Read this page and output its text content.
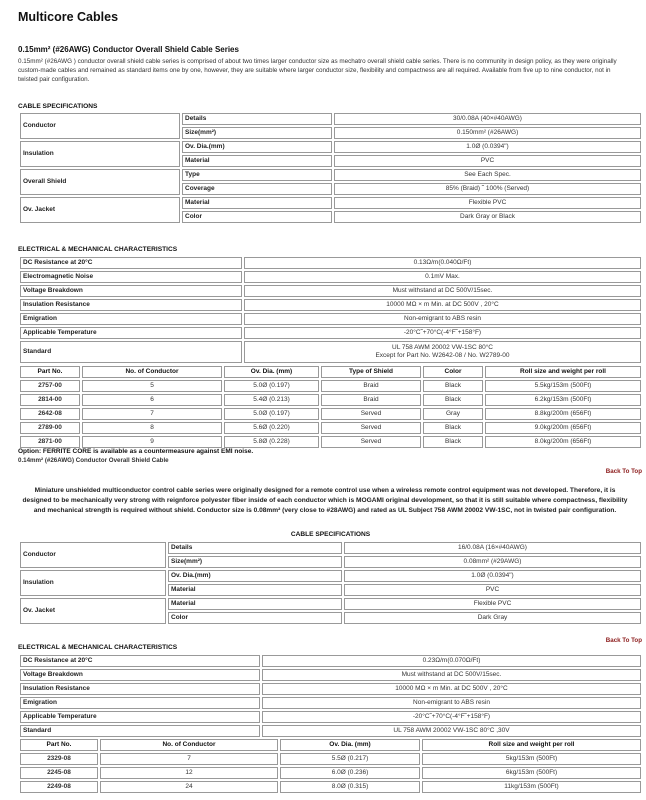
Multicore Cables
0.15mm² (#26AWG) Conductor Overall Shield Cable Series
0.15mm² (#26AWG ) conductor overall shield cable series is comprised of about two times larger conductor size as mechatro overall shield cable series. There is no community in design policy, as they were originally custom-made cables and remained as standard items one by one, however, they are suitable where larger conductor size, flexibility and compactness are all required. Available from five up to nine conductor, not in twisted pair configuration.
CABLE SPECIFICATIONS
Conductor	Details	30/0.08A (40×#40AWG)
	Size(mm²)	0.150mm² (#26AWG)
Insulation	Ov. Dia.(mm)	1.0Ø (0.0394")
	Material	PVC
Overall Shield	Type	See Each Spec.
	Coverage	85% (Braid) ˜ 100% (Served)
Ov. Jacket	Material	Flexible PVC
	Color	Dark Gray or Black
ELECTRICAL & MECHANICAL CHARACTERISTICS
DC Resistance at 20°C	0.13Ω/m(0.040Ω/Ft)
Electromagnetic Noise	0.1mV Max.
Voltage Breakdown	Must withstand at DC 500V/15sec.
Insulation Resistance	10000 MΩ × m Min. at DC 500V , 20°C
Emigration	Non-emigrant to ABS resin
Applicable Temperature	-20°C˜+70°C(-4°F˜+158°F)
Standard	UL 758 AWM 20002 VW-1SC 80°C
Except for Part No. W2642-08 / No. W2789-00
Part No.	No. of Conductor	Ov. Dia. (mm)	Type of Shield	Color	Roll size and weight per roll
2757-00	5	5.0Ø (0.197)	Braid	Black	5.5kg/153m (500Ft)
2814-00	6	5.4Ø (0.213)	Braid	Black	6.2kg/153m (500Ft)
2642-08	7	5.0Ø (0.197)	Served	Gray	8.8kg/200m (656Ft)
2789-00	8	5.6Ø (0.220)	Served	Black	9.0kg/200m (656Ft)
2871-00	9	5.8Ø (0.228)	Served	Black	8.0kg/200m (656Ft)
Option: FERRITE CORE is available as a countermeasure against EMI noise.
0.14mm² (#26AWG) Conductor Overall Shield Cable
Back To Top
Miniature unshielded multiconductor control cable series were originally designed for a remote control use when a wireless remote control equipment was not developed. Therefore, it is designed to be mechanically very strong with reignforce polyester fiber inside of each conductor which is MOGAMI original development, so that it is still suitable where compactness, flexibility and mechanical strength is required without shield. Conductor size is 0.08mm² (very close to #28AWG) and rated as UL Subject 758 AWM 20002 VW-1SC, not in twisted pair configuration.
CABLE SPECIFICATIONS
Conductor	Details	16/0.08A (16×#40AWG)
	Size(mm²)	0.08mm² (#29AWG)
Insulation	Ov. Dia.(mm)	1.0Ø (0.0394")
	Material	PVC
Ov. Jacket	Material	Flexible PVC
	Color	Dark Gray
Back To Top
ELECTRICAL & MECHANICAL CHARACTERISTICS
DC Resistance at 20°C	0.23Ω/m(0.070Ω/Ft)
Voltage Breakdown	Must withstand at DC 500V/15sec.
Insulation Resistance	10000 MΩ × m Min. at DC 500V , 20°C
Emigration	Non-emigrant to ABS resin
Applicable Temperature	-20°C˜+70°C(-4°F˜+158°F)
Standard	UL 758 AWM 20002 VW-1SC 80°C ,30V
Part No.	No. of Conductor	Ov. Dia. (mm)	Roll size and weight per roll
2329-08	7	5.5Ø (0.217)	5kg/153m (500Ft)
2245-08	12	6.0Ø (0.236)	6kg/153m (500Ft)
2249-08	24	8.0Ø (0.315)	11kg/153m (500Ft)
